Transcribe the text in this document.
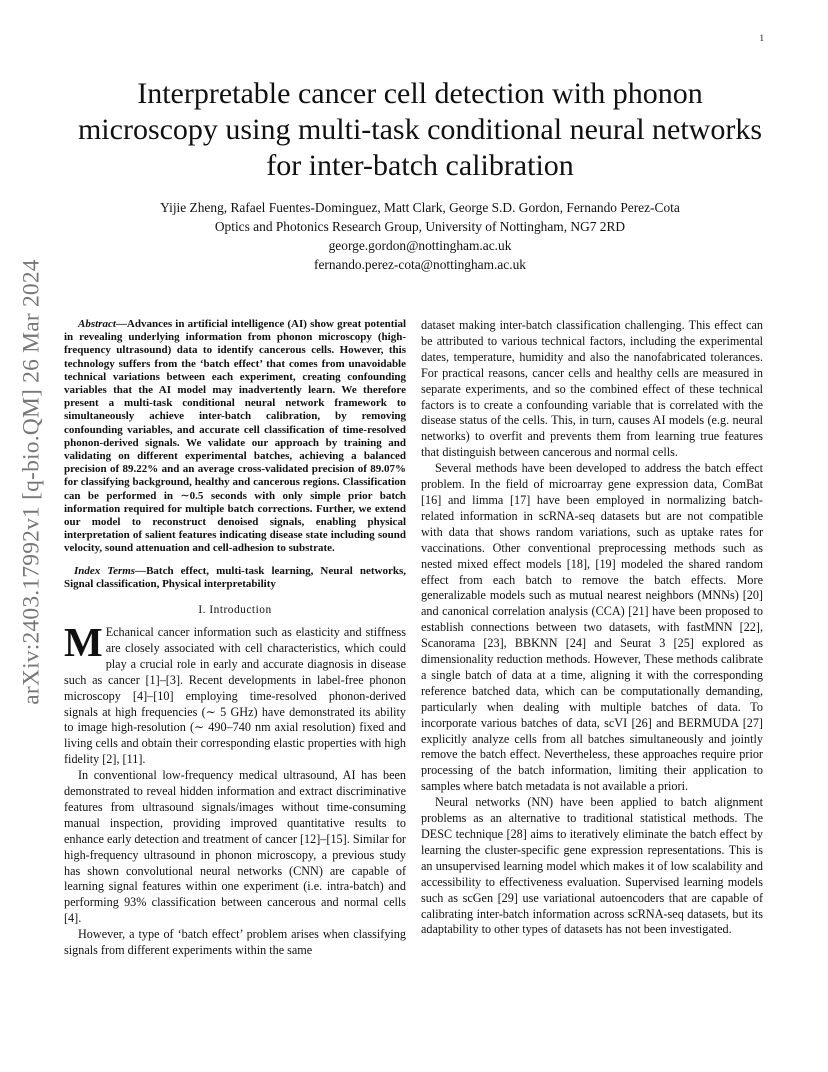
1
arXiv:2403.17992v1 [q-bio.QM] 26 Mar 2024
Interpretable cancer cell detection with phonon microscopy using multi-task conditional neural networks for inter-batch calibration
Yijie Zheng, Rafael Fuentes-Dominguez, Matt Clark, George S.D. Gordon, Fernando Perez-Cota
Optics and Photonics Research Group, University of Nottingham, NG7 2RD
george.gordon@nottingham.ac.uk
fernando.perez-cota@nottingham.ac.uk

Abstract—Advances in artificial intelligence (AI) show great potential in revealing underlying information from phonon microscopy (high-frequency ultrasound) data to identify cancerous cells. However, this technology suffers from the ‘batch effect’ that comes from unavoidable technical variations between each experiment, creating confounding variables that the AI model may inadvertently learn. We therefore present a multi-task conditional neural network framework to simultaneously achieve inter-batch calibration, by removing confounding variables, and accurate cell classification of time-resolved phonon-derived signals. We validate our approach by training and validating on different experimental batches, achieving a balanced precision of 89.22% and an average cross-validated precision of 89.07% for classifying background, healthy and cancerous regions. Classification can be performed in ∼0.5 seconds with only simple prior batch information required for multiple batch corrections. Further, we extend our model to reconstruct denoised signals, enabling physical interpretation of salient features indicating disease state including sound velocity, sound attenuation and cell-adhesion to substrate.

Index Terms—Batch effect, multi-task learning, Neural networks, Signal classification, Physical interpretability

I. Introduction

M Echanical cancer information such as elasticity and stiffness are closely associated with cell characteristics, which could play a crucial role in early and accurate diagnosis in disease such as cancer [1]–[3]. Recent developments in label-free phonon microscopy [4]–[10] employing time-resolved phonon-derived signals at high frequencies (∼ 5 GHz) have demonstrated its ability to image high-resolution (∼ 490–740 nm axial resolution) fixed and living cells and obtain their corresponding elastic properties with high fidelity [2], [11].

In conventional low-frequency medical ultrasound, AI has been demonstrated to reveal hidden information and extract discriminative features from ultrasound signals/images without time-consuming manual inspection, providing improved quantitative results to enhance early detection and treatment of cancer [12]–[15]. Similar for high-frequency ultrasound in phonon microscopy, a previous study has shown convolutional neural networks (CNN) are capable of learning signal features within one experiment (i.e. intra-batch) and performing 93% classification between cancerous and normal cells [4].

However, a type of ‘batch effect’ problem arises when classifying signals from different experiments within the same

dataset making inter-batch classification challenging. This effect can be attributed to various technical factors, including the experimental dates, temperature, humidity and also the nanofabricated tolerances. For practical reasons, cancer cells and healthy cells are measured in separate experiments, and so the combined effect of these technical factors is to create a confounding variable that is correlated with the disease status of the cells. This, in turn, causes AI models (e.g. neural networks) to overfit and prevents them from learning true features that distinguish between cancerous and normal cells.

Several methods have been developed to address the batch effect problem. In the field of microarray gene expression data, ComBat [16] and limma [17] have been employed in normalizing batch-related information in scRNA-seq datasets but are not compatible with data that shows random variations, such as uptake rates for vaccinations. Other conventional preprocessing methods such as nested mixed effect models [18], [19] modeled the shared random effect from each batch to remove the batch effects. More generalizable models such as mutual nearest neighbors (MNNs) [20] and canonical correlation analysis (CCA) [21] have been proposed to establish connections between two datasets, with fastMNN [22], Scanorama [23], BBKNN [24] and Seurat 3 [25] explored as dimensionality reduction methods. However, These methods calibrate a single batch of data at a time, aligning it with the corresponding reference batched data, which can be computationally demanding, particularly when dealing with multiple batches of data. To incorporate various batches of data, scVI [26] and BERMUDA [27] explicitly analyze cells from all batches simultaneously and jointly remove the batch effect. Nevertheless, these approaches require prior processing of the batch information, limiting their application to samples where batch metadata is not available a priori.

Neural networks (NN) have been applied to batch alignment problems as an alternative to traditional statistical methods. The DESC technique [28] aims to iteratively eliminate the batch effect by learning the cluster-specific gene expression representations. This is an unsupervised learning model which makes it of low scalability and accessibility to effectiveness evaluation. Supervised learning models such as scGen [29] use variational autoencoders that are capable of calibrating inter-batch information across scRNA-seq datasets, but its adaptability to other types of datasets has not been investigated.
